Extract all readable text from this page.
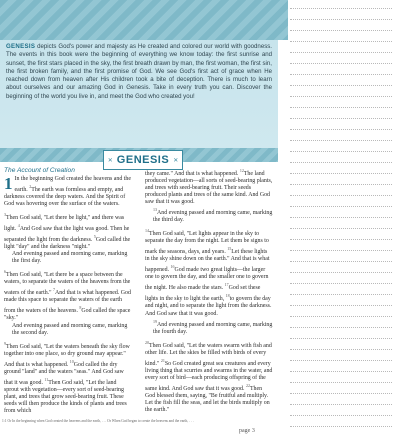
GENESIS depicts God's power and majesty as He created and colored our world with goodness. The events in this book were the beginning of everything we know today: the first sunrise and sunset, the first stars placed in the sky, the first breath drawn by man, the first woman, the first sin, the first broken family, and the first promise of God. We see God's first act of grace when He reached down from heaven after His children took a bite of deception. There is much to learn about ourselves and our amazing God in Genesis. Take in every truth you can. Discover the beginning of the world you live in, and meet the God who created you!
✕ GENESIS ✕
The Account of Creation

1 In the beginning God created the heavens and the earth. $^2$The earth was formless and empty, and darkness covered the deep waters. And the Spirit of God was hovering over the surface of the waters.

$^3$Then God said, "Let there be light," and there was light. $^4$And God saw that the light was good. Then he separated the light from the darkness. $^5$God called the light "day" and the darkness "night."
And evening passed and morning came, marking the first day.

$^6$Then God said, "Let there be a space between the waters, to separate the waters of the heavens from the waters of the earth." $^7$And that is what happened. God made this space to separate the waters of the earth from the waters of the heavens. $^8$God called the space "sky."
And evening passed and morning came, marking the second day.

$^9$Then God said, "Let the waters beneath the sky flow together into one place, so dry ground may appear." And that is what happened. $^{10}$God called the dry ground "land" and the waters "seas." And God saw that it was good. $^{11}$Then God said, "Let the land sprout with vegetation—every sort of seed-bearing plant, and trees that grow seed-bearing fruit. These seeds will then produce the kinds of plants and trees from which

they came." And that is what happened. $^{12}$The land produced vegetation—all sorts of seed-bearing plants, and trees with seed-bearing fruit. Their seeds produced plants and trees of the same kind. And God saw that it was good.
$^{13}$And evening passed and morning came, marking the third day.

$^{14}$Then God said, "Let lights appear in the sky to separate the day from the night. Let them be signs to mark the seasons, days, and years. $^{15}$Let these lights in the sky shine down on the earth." And that is what happened. $^{16}$God made two great lights—the larger one to govern the day, and the smaller one to govern the night. He also made the stars. $^{17}$God set these lights in the sky to light the earth, $^{18}$to govern the day and night, and to separate the light from the darkness. And God saw that it was good.
$^{19}$And evening passed and morning came, marking the fourth day.

$^{20}$Then God said, "Let the waters swarm with fish and other life. Let the skies be filled with birds of every kind." $^{21}$So God created great sea creatures and every living thing that scurries and swarms in the water, and every sort of bird—each producing offspring of the same kind. And God saw that it was good. $^{22}$Then God blessed them, saying, "Be fruitful and multiply. Let the fish fill the seas, and let the birds multiply on the earth."

1:1 Or In the beginning when God created the heavens and the earth, . . . Or When God began to create the heavens and the earth, . . .
page 3
